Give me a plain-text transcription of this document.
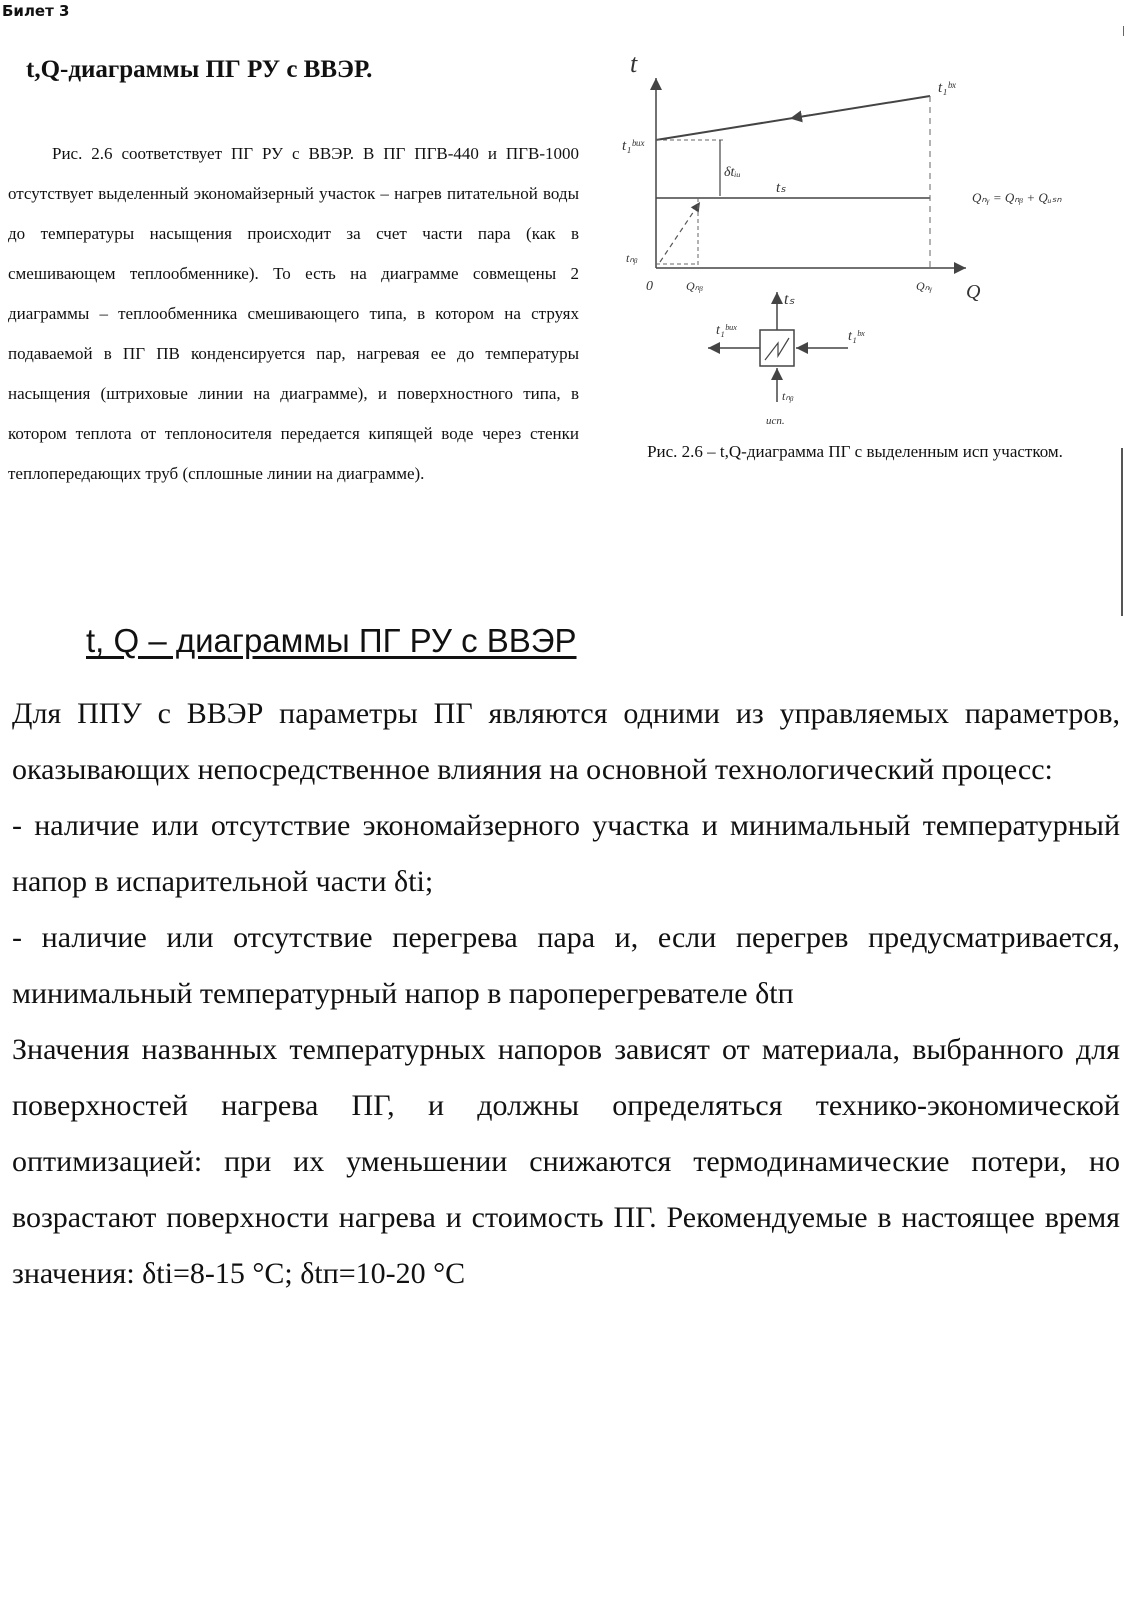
Билет 3
t,Q-диаграммы ПГ РУ с ВВЭР.
Рис. 2.6 соответствует ПГ РУ с ВВЭР. В ПГ ПГВ-440 и ПГВ-1000 отсутствует выделенный экономайзерный участок – нагрев питательной воды до температуры насыщения происходит за счет части пара (как в смешивающем теплообменнике). То есть на диаграмме совмещены 2 диаграммы – теплообменника смешивающего типа, в котором на струях подаваемой в ПГ ПВ конденсируется пар, нагревая ее до температуры насыщения (штриховые линии на диаграмме), и поверхностного типа, в котором теплота от теплоносителя передается кипящей воде через стенки теплопередающих труб (сплошные линии на диаграмме).
t
Q
0
t₁ᵇˣ
t₁ᵇᵘˣ
tₛ
δtᵢᵤ
tₙᵦ
Qₙᵦ	Qₙᵧ
Qₙᵧ = Qₙᵦ + Qᵤₛₙ
tₛ
t₁ᵇᵘˣ	t₁ᵇˣ
tₙᵦ
исп.
Рис. 2.6 – t,Q-диаграмма ПГ с выделенным исп участком.
t, Q – диаграммы ПГ РУ с ВВЭР

Для ППУ с ВВЭР параметры ПГ являются одними из управляемых параметров, оказывающих непосредственное влияния на основной технологический процесс:

- наличие или отсутствие экономайзерного участка и минимальный температурный напор в испарительной части δti;

- наличие или отсутствие перегрева пара и, если перегрев предусматривается, минимальный температурный напор в пароперегревателе δtп

Значения названных температурных напоров зависят от материала, выбранного для поверхностей нагрева ПГ, и должны определяться технико-экономической оптимизацией: при их уменьшении снижаются термодинамические потери, но возрастают поверхности нагрева и стоимость ПГ. Рекомендуемые в настоящее время значения: δti=8-15 °C; δtп=10-20 °C
